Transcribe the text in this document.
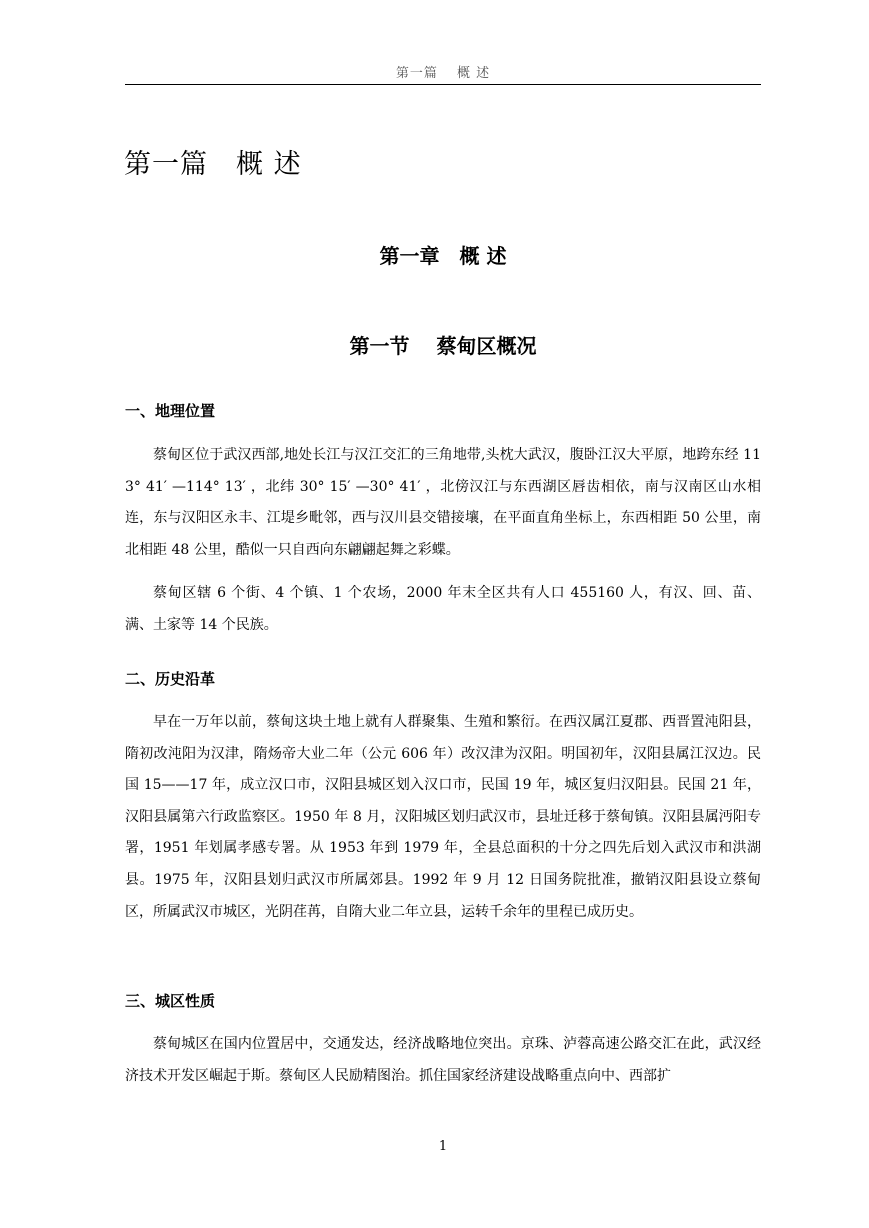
第一篇　 概 述
第一篇　概 述
第一章　概 述
第一节　 蔡甸区概况
一、地理位置

蔡甸区位于武汉西部,地处长江与汉江交汇的三角地带,头枕大武汉，腹卧江汉大平原，地跨东经 113° 41′ —114° 13′ ，北纬 30° 15′ —30° 41′ ，北傍汉江与东西湖区唇齿相依，南与汉南区山水相连，东与汉阳区永丰、江堤乡毗邻，西与汉川县交错接壤，在平面直角坐标上，东西相距 50 公里，南北相距 48 公里，酷似一只自西向东翩翩起舞之彩蝶。

蔡甸区辖 6 个街、4 个镇、1 个农场，2000 年末全区共有人口 455160 人，有汉、回、苗、满、土家等 14 个民族。

二、历史沿革

早在一万年以前，蔡甸这块土地上就有人群聚集、生殖和繁衍。在西汉属江夏郡、西晋置沌阳县，隋初改沌阳为汉津，隋炀帝大业二年（公元 606 年）改汉津为汉阳。明国初年，汉阳县属江汉边。民国 15——17 年，成立汉口市，汉阳县城区划入汉口市，民国 19 年，城区复归汉阳县。民国 21 年，汉阳县属第六行政监察区。1950 年 8 月，汉阳城区划归武汉市，县址迁移于蔡甸镇。汉阳县属沔阳专署，1951 年划属孝感专署。从 1953 年到 1979 年，全县总面积的十分之四先后划入武汉市和洪湖县。1975 年，汉阳县划归武汉市所属郊县。1992 年 9 月 12 日国务院批准，撤销汉阳县设立蔡甸区，所属武汉市城区，光阴荏苒，自隋大业二年立县，运转千余年的里程已成历史。

三、城区性质

蔡甸城区在国内位置居中，交通发达，经济战略地位突出。京珠、泸蓉高速公路交汇在此，武汉经济技术开发区崛起于斯。蔡甸区人民励精图治。抓住国家经济建设战略重点向中、西部扩

1
